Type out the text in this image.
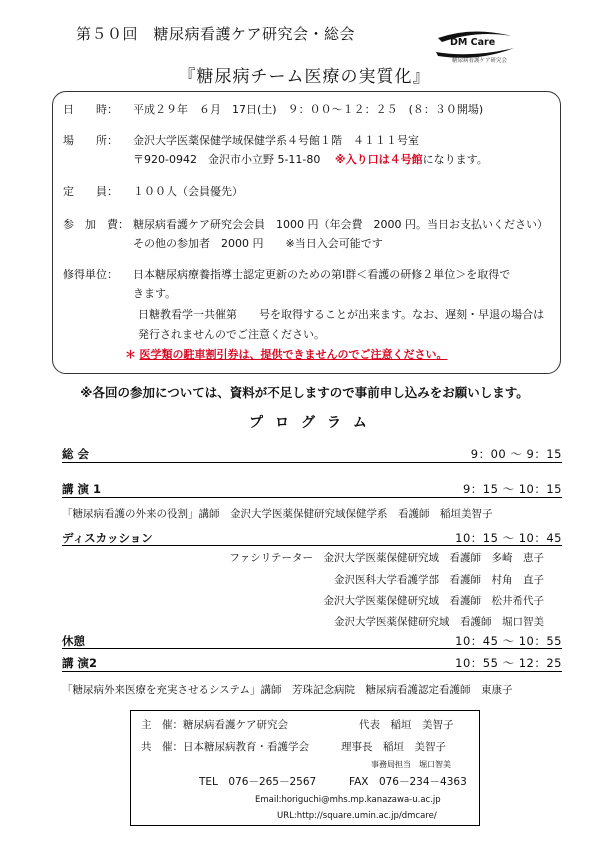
第５０回　糖尿病看護ケア研究会・総会	DM Care
糖尿病看護ケア研究会
『糖尿病チーム医療の実質化』
日　　時： 平成２９年　６月　17日(土)　９：００～１２：２５　(８：３０開場)
場　　所： 金沢大学医薬保健学域保健学系４号館１階　４１１１号室
〒920-0942　金沢市小立野 5-11-80　 ※入り口は４号館になります。
定　　員： １００人（会員優先）
参　加　費： 糖尿病看護ケア研究会会員　1000 円（年会費　2000 円。当日お支払いください）
その他の参加者　2000 円　　※当日入会可能です
修得単位： 日本糖尿病療養指導士認定更新のための第Ⅰ群＜看護の研修２単位＞を取得で
きます。
日糖教看学一共催第　　号を取得することが出来ます。なお、遅刻・早退の場合は
発行されませんのでご注意ください。
＊ 医学類の駐車割引券は、提供できませんのでご注意ください。
※各回の参加については、資料が不足しますので事前申し込みをお願いします。
プログラム
総 会	9：00 ～ 9：15
講 演 1	9：15 ～ 10：15
「糖尿病看護の外来の役割」講師　金沢大学医薬保健研究域保健学系　看護師　稲垣美智子
ディスカッション	10：15 ～ 10：45
ファシリテーター　金沢大学医薬保健研究域　看護師　多崎　恵子
金沢医科大学看護学部　看護師　村角　直子
金沢大学医薬保健研究域　看護師　松井希代子
金沢大学医薬保健研究域　看護師　堀口智美
休憩	10：45 ～ 10：55
講 演2	10：55 ～ 12：25
「糖尿病外来医療を充実させるシステム」講師　芳珠記念病院　糖尿病看護認定看護師　東康子
主　催：糖尿病看護ケア研究会	代表　稲垣　美智子
共　催：日本糖尿病教育・看護学会	理事長　稲垣　美智子
事務局担当　堀口智美
TEL　076－265－2567	FAX　076－234－4363
Email:horiguchi@mhs.mp.kanazawa-u.ac.jp
URL:http://square.umin.ac.jp/dmcare/
